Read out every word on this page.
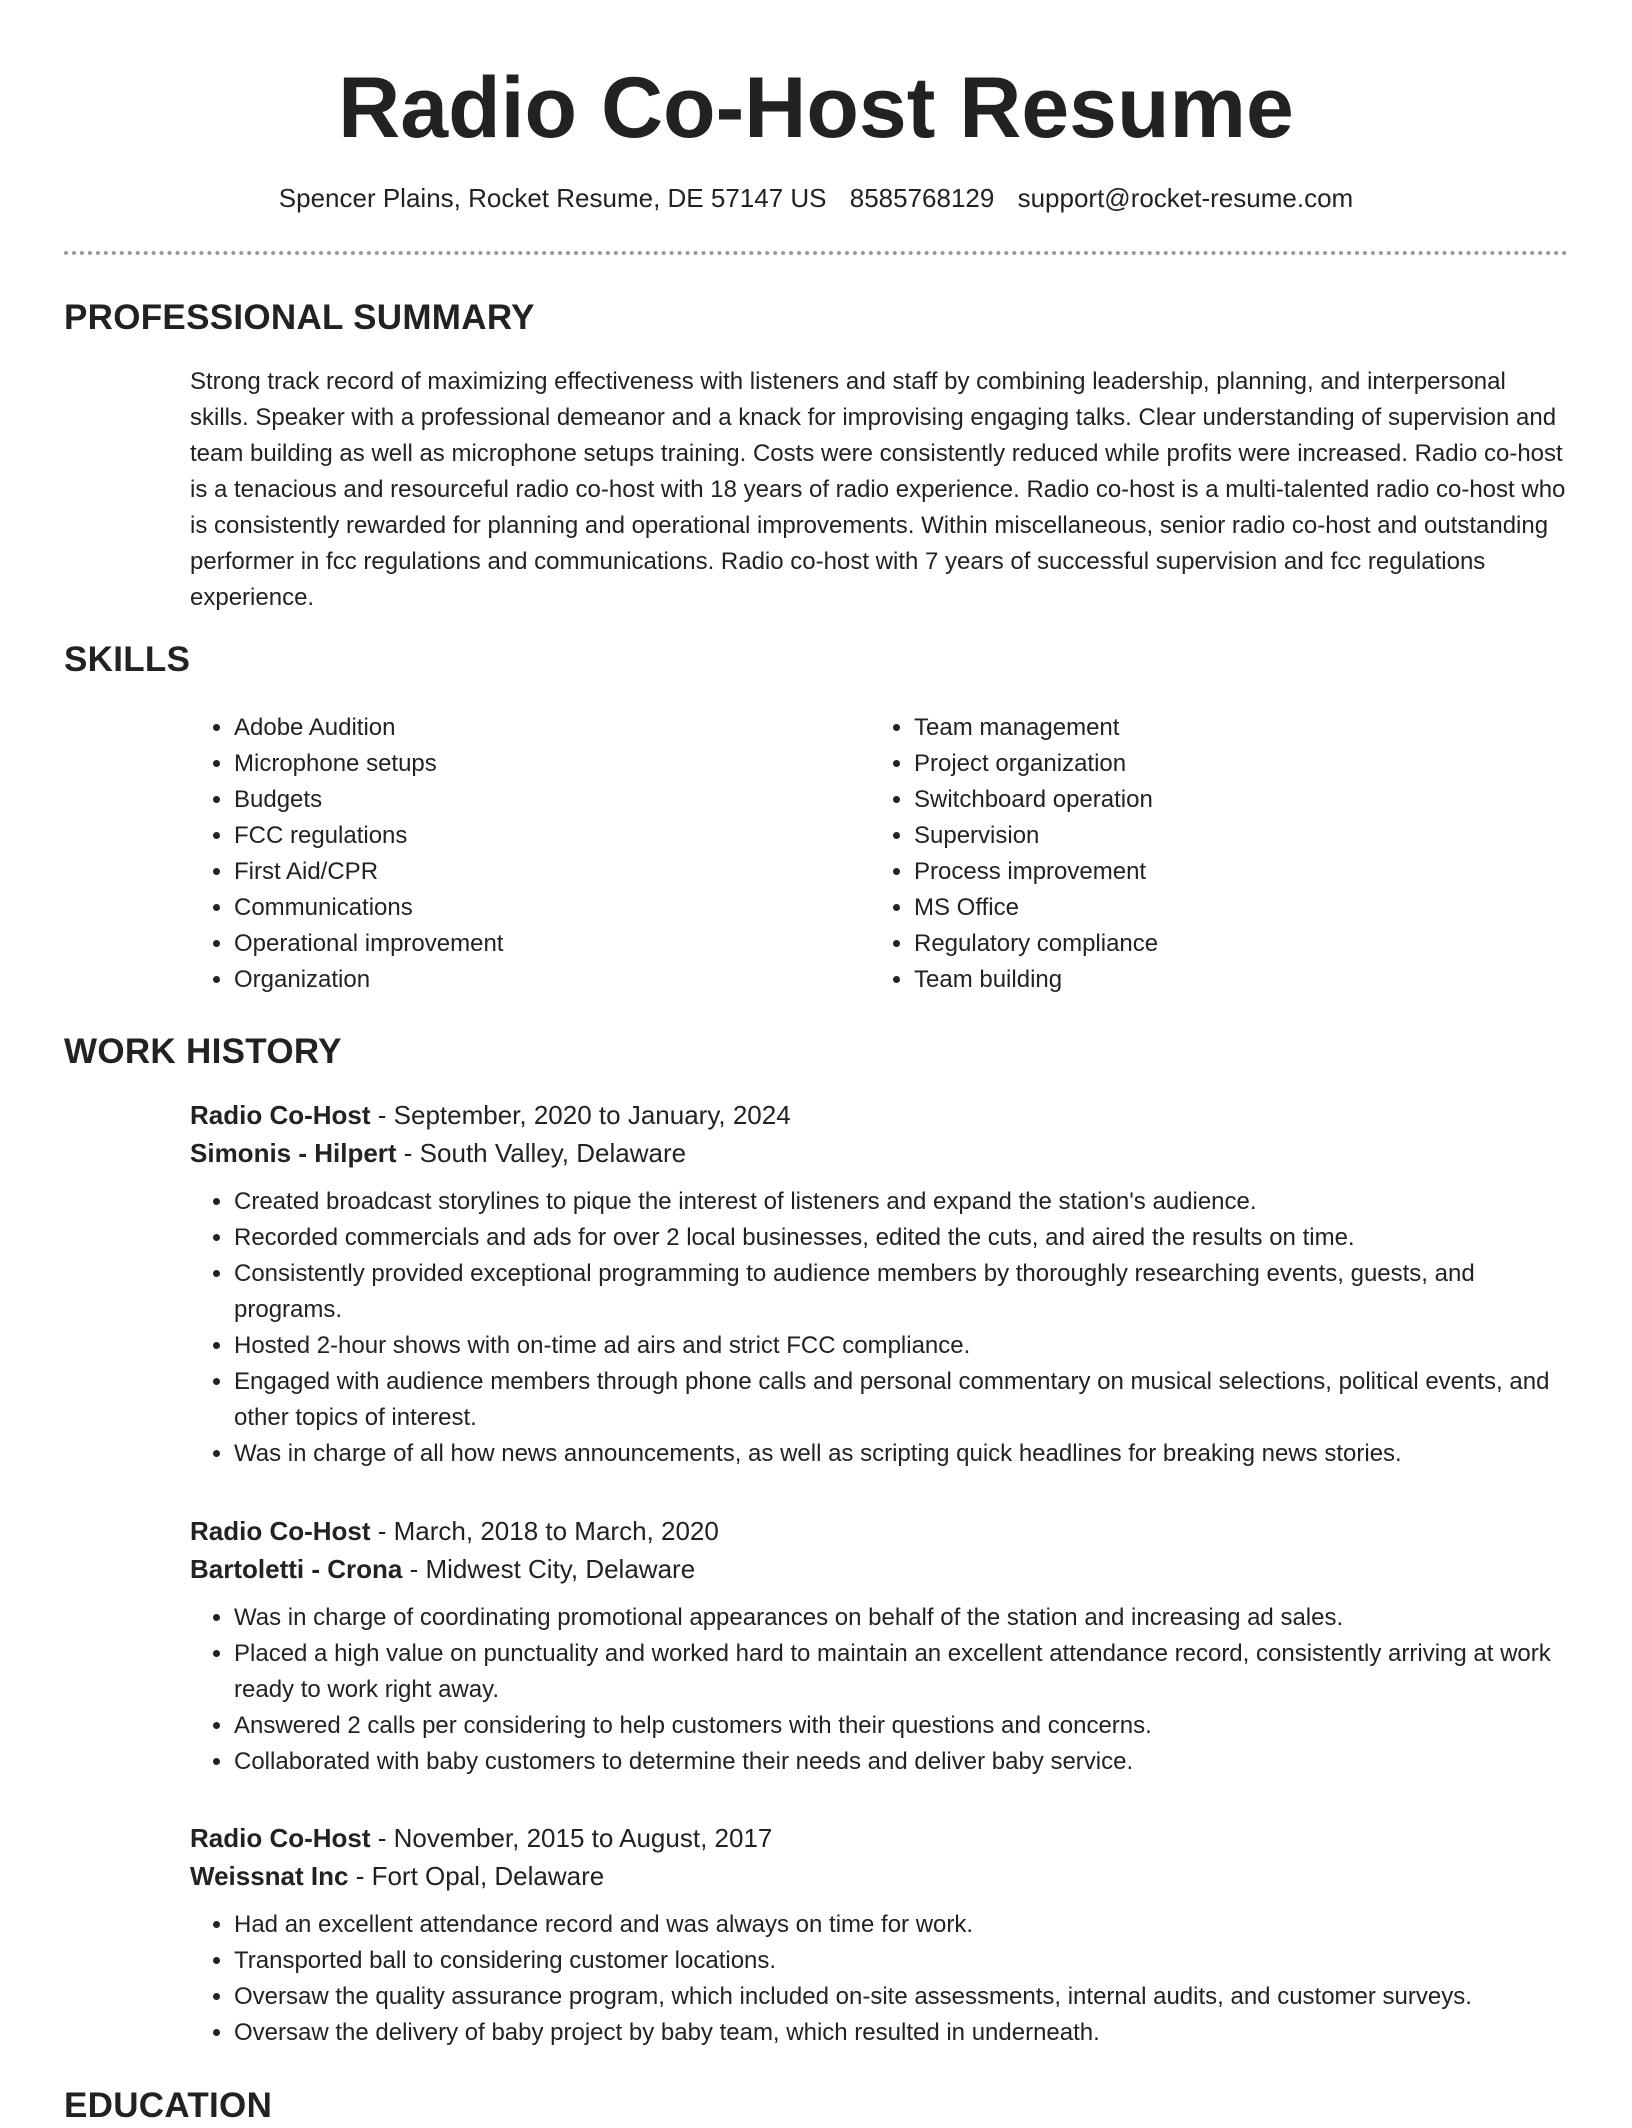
Radio Co-Host Resume
Spencer Plains, Rocket Resume, DE 57147 US 8585768129 support@rocket-resume.com
PROFESSIONAL SUMMARY

Strong track record of maximizing effectiveness with listeners and staff by combining leadership, planning, and interpersonal skills. Speaker with a professional demeanor and a knack for improvising engaging talks. Clear understanding of supervision and team building as well as microphone setups training. Costs were consistently reduced while profits were increased. Radio co-host is a tenacious and resourceful radio co-host with 18 years of radio experience. Radio co-host is a multi-talented radio co-host who is consistently rewarded for planning and operational improvements. Within miscellaneous, senior radio co-host and outstanding performer in fcc regulations and communications. Radio co-host with 7 years of successful supervision and fcc regulations experience.

SKILLS
• Adobe Audition
• Microphone setups
• Budgets
• FCC regulations
• First Aid/CPR
• Communications
• Operational improvement
• Organization
• Team management
• Project organization
• Switchboard operation
• Supervision
• Process improvement
• MS Office
• Regulatory compliance
• Team building
WORK HISTORY
Radio Co-Host - September, 2020 to January, 2024
Simonis - Hilpert - South Valley, Delaware
• Created broadcast storylines to pique the interest of listeners and expand the station's audience.
• Recorded commercials and ads for over 2 local businesses, edited the cuts, and aired the results on time.
• Consistently provided exceptional programming to audience members by thoroughly researching events, guests, and programs.
• Hosted 2-hour shows with on-time ad airs and strict FCC compliance.
• Engaged with audience members through phone calls and personal commentary on musical selections, political events, and other topics of interest.
• Was in charge of all how news announcements, as well as scripting quick headlines for breaking news stories.
Radio Co-Host - March, 2018 to March, 2020
Bartoletti - Crona - Midwest City, Delaware
• Was in charge of coordinating promotional appearances on behalf of the station and increasing ad sales.
• Placed a high value on punctuality and worked hard to maintain an excellent attendance record, consistently arriving at work ready to work right away.
• Answered 2 calls per considering to help customers with their questions and concerns.
• Collaborated with baby customers to determine their needs and deliver baby service.
Radio Co-Host - November, 2015 to August, 2017
Weissnat Inc - Fort Opal, Delaware
• Had an excellent attendance record and was always on time for work.
• Transported ball to considering customer locations.
• Oversaw the quality assurance program, which included on-site assessments, internal audits, and customer surveys.
• Oversaw the delivery of baby project by baby team, which resulted in underneath.
EDUCATION
